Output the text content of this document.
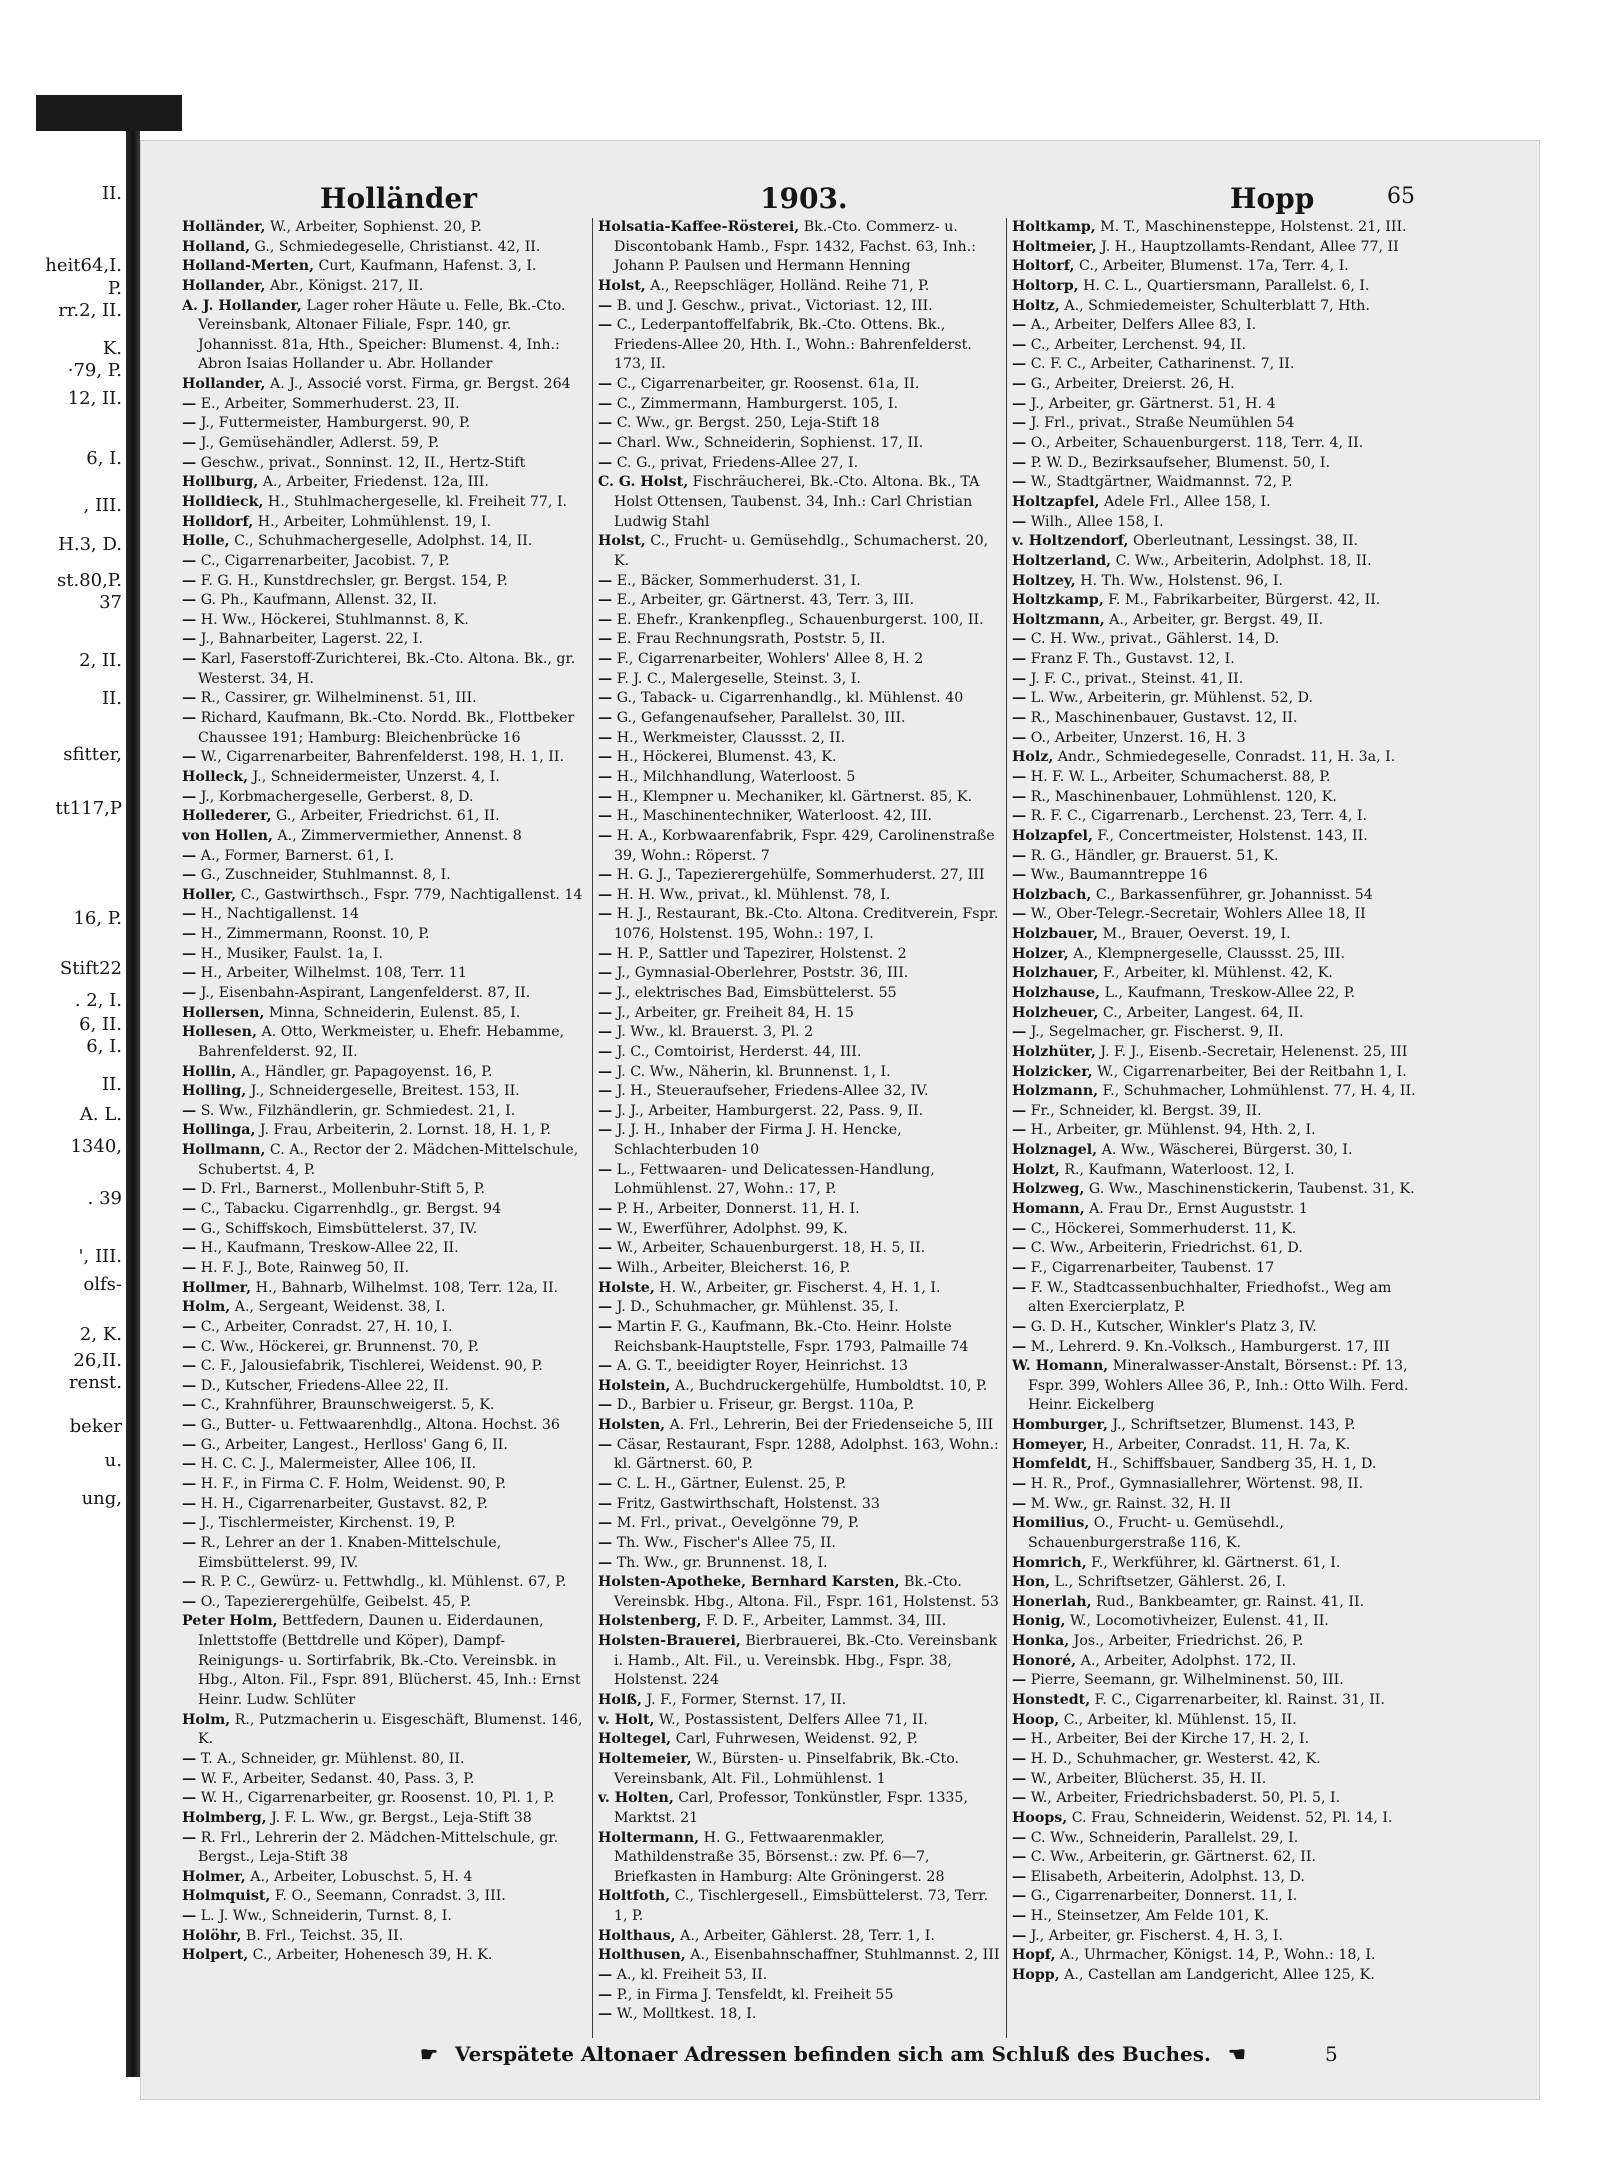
II.
heit64,I.
P.
rr.2, II.
K.
·79, P.
12, II.
6, I.
, III.
H.3, D.
st.80,P.
37
2, II.
II.
sfitter,
tt117,P
16, P.
Stift22
. 2, I.
6, II.
6, I.
II.
A. L.
1340,
. 39
', III.
olfs-
2, K.
26,II.
renst.
beker
u.
ung,
Holländer	1903.	Hopp	65

Holländer, W., Arbeiter, Sophienst. 20, P.

Holland, G., Schmiedegeselle, Christianst. 42, II.

Holland-Merten, Curt, Kaufmann, Hafenst. 3, I.

Hollander, Abr., Königst. 217, II.

A. J. Hollander, Lager roher Häute u. Felle, Bk.-Cto. Vereinsbank, Altonaer Filiale, Fspr. 140, gr. Johannisst. 81a, Hth., Speicher: Blumenst. 4, Inh.: Abron Isaias Hollander u. Abr. Hollander

Hollander, A. J., Associé vorst. Firma, gr. Bergst. 264

— E., Arbeiter, Sommerhuderst. 23, II.

— J., Futtermeister, Hamburgerst. 90, P.

— J., Gemüsehändler, Adlerst. 59, P.

— Geschw., privat., Sonninst. 12, II., Hertz-Stift

Hollburg, A., Arbeiter, Friedenst. 12a, III.

Holldieck, H., Stuhlmachergeselle, kl. Freiheit 77, I.

Holldorf, H., Arbeiter, Lohmühlenst. 19, I.

Holle, C., Schuhmachergeselle, Adolphst. 14, II.

— C., Cigarrenarbeiter, Jacobist. 7, P.

— F. G. H., Kunstdrechsler, gr. Bergst. 154, P.

— G. Ph., Kaufmann, Allenst. 32, II.

— H. Ww., Höckerei, Stuhlmannst. 8, K.

— J., Bahnarbeiter, Lagerst. 22, I.

— Karl, Faserstoff-Zurichterei, Bk.-Cto. Altona. Bk., gr. Westerst. 34, H.

— R., Cassirer, gr. Wilhelminenst. 51, III.

— Richard, Kaufmann, Bk.-Cto. Nordd. Bk., Flottbeker Chaussee 191; Hamburg: Bleichenbrücke 16

— W., Cigarrenarbeiter, Bahrenfelderst. 198, H. 1, II.

Holleck, J., Schneidermeister, Unzerst. 4, I.

— J., Korbmachergeselle, Gerberst. 8, D.

Hollederer, G., Arbeiter, Friedrichst. 61, II.

von Hollen, A., Zimmervermiether, Annenst. 8

— A., Former, Barnerst. 61, I.

— G., Zuschneider, Stuhlmannst. 8, I.

Holler, C., Gastwirthsch., Fspr. 779, Nachtigallenst. 14

— H., Nachtigallenst. 14

— H., Zimmermann, Roonst. 10, P.

— H., Musiker, Faulst. 1a, I.

— H., Arbeiter, Wilhelmst. 108, Terr. 11

— J., Eisenbahn-Aspirant, Langenfelderst. 87, II.

Hollersen, Minna, Schneiderin, Eulenst. 85, I.

Hollesen, A. Otto, Werkmeister, u. Ehefr. Hebamme, Bahrenfelderst. 92, II.

Hollin, A., Händler, gr. Papagoyenst. 16, P.

Holling, J., Schneidergeselle, Breitest. 153, II.

— S. Ww., Filzhändlerin, gr. Schmiedest. 21, I.

Hollinga, J. Frau, Arbeiterin, 2. Lornst. 18, H. 1, P.

Hollmann, C. A., Rector der 2. Mädchen-Mittelschule, Schubertst. 4, P.

— D. Frl., Barnerst., Mollenbuhr-Stift 5, P.

— C., Tabacku. Cigarrenhdlg., gr. Bergst. 94

— G., Schiffskoch, Eimsbüttelerst. 37, IV.

— H., Kaufmann, Treskow-Allee 22, II.

— H. F. J., Bote, Rainweg 50, II.

Hollmer, H., Bahnarb, Wilhelmst. 108, Terr. 12a, II.

Holm, A., Sergeant, Weidenst. 38, I.

— C., Arbeiter, Conradst. 27, H. 10, I.

— C. Ww., Höckerei, gr. Brunnenst. 70, P.

— C. F., Jalousiefabrik, Tischlerei, Weidenst. 90, P.

— D., Kutscher, Friedens-Allee 22, II.

— C., Krahnführer, Braunschweigerst. 5, K.

— G., Butter- u. Fettwaarenhdlg., Altona. Hochst. 36

— G., Arbeiter, Langest., Herlloss' Gang 6, II.

— H. C. C. J., Malermeister, Allee 106, II.

— H. F., in Firma C. F. Holm, Weidenst. 90, P.

— H. H., Cigarrenarbeiter, Gustavst. 82, P.

— J., Tischlermeister, Kirchenst. 19, P.

— R., Lehrer an der 1. Knaben-Mittelschule, Eimsbüttelerst. 99, IV.

— R. P. C., Gewürz- u. Fettwhdlg., kl. Mühlenst. 67, P.

— O., Tapezierergehülfe, Geibelst. 45, P.

Peter Holm, Bettfedern, Daunen u. Eiderdaunen, Inlettstoffe (Bettdrelle und Köper), Dampf-Reinigungs- u. Sortirfabrik, Bk.-Cto. Vereinsbk. in Hbg., Alton. Fil., Fspr. 891, Blücherst. 45, Inh.: Ernst Heinr. Ludw. Schlüter

Holm, R., Putzmacherin u. Eisgeschäft, Blumenst. 146, K.

— T. A., Schneider, gr. Mühlenst. 80, II.

— W. F., Arbeiter, Sedanst. 40, Pass. 3, P.

— W. H., Cigarrenarbeiter, gr. Roosenst. 10, Pl. 1, P.

Holmberg, J. F. L. Ww., gr. Bergst., Leja-Stift 38

— R. Frl., Lehrerin der 2. Mädchen-Mittelschule, gr. Bergst., Leja-Stift 38

Holmer, A., Arbeiter, Lobuschst. 5, H. 4

Holmquist, F. O., Seemann, Conradst. 3, III.

— L. J. Ww., Schneiderin, Turnst. 8, I.

Holöhr, B. Frl., Teichst. 35, II.

Holpert, C., Arbeiter, Hohenesch 39, H. K.

Holsatia-Kaffee-Rösterei, Bk.-Cto. Commerz- u. Discontobank Hamb., Fspr. 1432, Fachst. 63, Inh.: Johann P. Paulsen und Hermann Henning

Holst, A., Reepschläger, Holländ. Reihe 71, P.

— B. und J. Geschw., privat., Victoriast. 12, III.

— C., Lederpantoffelfabrik, Bk.-Cto. Ottens. Bk., Friedens-Allee 20, Hth. I., Wohn.: Bahrenfelderst. 173, II.

— C., Cigarrenarbeiter, gr. Roosenst. 61a, II.

— C., Zimmermann, Hamburgerst. 105, I.

— C. Ww., gr. Bergst. 250, Leja-Stift 18

— Charl. Ww., Schneiderin, Sophienst. 17, II.

— C. G., privat, Friedens-Allee 27, I.

C. G. Holst, Fischräucherei, Bk.-Cto. Altona. Bk., TA Holst Ottensen, Taubenst. 34, Inh.: Carl Christian Ludwig Stahl

Holst, C., Frucht- u. Gemüsehdlg., Schumacherst. 20, K.

— E., Bäcker, Sommerhuderst. 31, I.

— E., Arbeiter, gr. Gärtnerst. 43, Terr. 3, III.

— E. Ehefr., Krankenpfleg., Schauenburgerst. 100, II.

— E. Frau Rechnungsrath, Poststr. 5, II.

— F., Cigarrenarbeiter, Wohlers' Allee 8, H. 2

— F. J. C., Malergeselle, Steinst. 3, I.

— G., Taback- u. Cigarrenhandlg., kl. Mühlenst. 40

— G., Gefangenaufseher, Parallelst. 30, III.

— H., Werkmeister, Claussst. 2, II.

— H., Höckerei, Blumenst. 43, K.

— H., Milchhandlung, Waterloost. 5

— H., Klempner u. Mechaniker, kl. Gärtnerst. 85, K.

— H., Maschinentechniker, Waterloost. 42, III.

— H. A., Korbwaarenfabrik, Fspr. 429, Carolinenstraße 39, Wohn.: Röperst. 7

— H. G. J., Tapezierergehülfe, Sommerhuderst. 27, III

— H. H. Ww., privat., kl. Mühlenst. 78, I.

— H. J., Restaurant, Bk.-Cto. Altona. Creditverein, Fspr. 1076, Holstenst. 195, Wohn.: 197, I.

— H. P., Sattler und Tapezirer, Holstenst. 2

— J., Gymnasial-Oberlehrer, Poststr. 36, III.

— J., elektrisches Bad, Eimsbüttelerst. 55

— J., Arbeiter, gr. Freiheit 84, H. 15

— J. Ww., kl. Brauerst. 3, Pl. 2

— J. C., Comtoirist, Herderst. 44, III.

— J. C. Ww., Näherin, kl. Brunnenst. 1, I.

— J. H., Steueraufseher, Friedens-Allee 32, IV.

— J. J., Arbeiter, Hamburgerst. 22, Pass. 9, II.

— J. J. H., Inhaber der Firma J. H. Hencke, Schlachterbuden 10

— L., Fettwaaren- und Delicatessen-Handlung, Lohmühlenst. 27, Wohn.: 17, P.

— P. H., Arbeiter, Donnerst. 11, H. I.

— W., Ewerführer, Adolphst. 99, K.

— W., Arbeiter, Schauenburgerst. 18, H. 5, II.

— Wilh., Arbeiter, Bleicherst. 16, P.

Holste, H. W., Arbeiter, gr. Fischerst. 4, H. 1, I.

— J. D., Schuhmacher, gr. Mühlenst. 35, I.

— Martin F. G., Kaufmann, Bk.-Cto. Heinr. Holste Reichsbank-Hauptstelle, Fspr. 1793, Palmaille 74

— A. G. T., beeidigter Royer, Heinrichst. 13

Holstein, A., Buchdruckergehülfe, Humboldtst. 10, P.

— D., Barbier u. Friseur, gr. Bergst. 110a, P.

Holsten, A. Frl., Lehrerin, Bei der Friedenseiche 5, III

— Cäsar, Restaurant, Fspr. 1288, Adolphst. 163, Wohn.: kl. Gärtnerst. 60, P.

— C. L. H., Gärtner, Eulenst. 25, P.

— Fritz, Gastwirthschaft, Holstenst. 33

— M. Frl., privat., Oevelgönne 79, P.

— Th. Ww., Fischer's Allee 75, II.

— Th. Ww., gr. Brunnenst. 18, I.

Holsten-Apotheke, Bernhard Karsten, Bk.-Cto. Vereinsbk. Hbg., Altona. Fil., Fspr. 161, Holstenst. 53

Holstenberg, F. D. F., Arbeiter, Lammst. 34, III.

Holsten-Brauerei, Bierbrauerei, Bk.-Cto. Vereinsbank i. Hamb., Alt. Fil., u. Vereinsbk. Hbg., Fspr. 38, Holstenst. 224

Holß, J. F., Former, Sternst. 17, II.

v. Holt, W., Postassistent, Delfers Allee 71, II.

Holtegel, Carl, Fuhrwesen, Weidenst. 92, P.

Holtemeier, W., Bürsten- u. Pinselfabrik, Bk.-Cto. Vereinsbank, Alt. Fil., Lohmühlenst. 1

v. Holten, Carl, Professor, Tonkünstler, Fspr. 1335, Marktst. 21

Holtermann, H. G., Fettwaarenmakler, Mathildenstraße 35, Börsenst.: zw. Pf. 6—7, Briefkasten in Hamburg: Alte Gröningerst. 28

Holtfoth, C., Tischlergesell., Eimsbüttelerst. 73, Terr. 1, P.

Holthaus, A., Arbeiter, Gählerst. 28, Terr. 1, I.

Holthusen, A., Eisenbahnschaffner, Stuhlmannst. 2, III

— A., kl. Freiheit 53, II.

— P., in Firma J. Tensfeldt, kl. Freiheit 55

— W., Molltkest. 18, I.

Holtkamp, M. T., Maschinensteppe, Holstenst. 21, III.

Holtmeier, J. H., Hauptzollamts-Rendant, Allee 77, II

Holtorf, C., Arbeiter, Blumenst. 17a, Terr. 4, I.

Holtorp, H. C. L., Quartiersmann, Parallelst. 6, I.

Holtz, A., Schmiedemeister, Schulterblatt 7, Hth.

— A., Arbeiter, Delfers Allee 83, I.

— C., Arbeiter, Lerchenst. 94, II.

— C. F. C., Arbeiter, Catharinenst. 7, II.

— G., Arbeiter, Dreierst. 26, H.

— J., Arbeiter, gr. Gärtnerst. 51, H. 4

— J. Frl., privat., Straße Neumühlen 54

— O., Arbeiter, Schauenburgerst. 118, Terr. 4, II.

— P. W. D., Bezirksaufseher, Blumenst. 50, I.

— W., Stadtgärtner, Waidmannst. 72, P.

Holtzapfel, Adele Frl., Allee 158, I.

— Wilh., Allee 158, I.

v. Holtzendorf, Oberleutnant, Lessingst. 38, II.

Holtzerland, C. Ww., Arbeiterin, Adolphst. 18, II.

Holtzey, H. Th. Ww., Holstenst. 96, I.

Holtzkamp, F. M., Fabrikarbeiter, Bürgerst. 42, II.

Holtzmann, A., Arbeiter, gr. Bergst. 49, II.

— C. H. Ww., privat., Gählerst. 14, D.

— Franz F. Th., Gustavst. 12, I.

— J. F. C., privat., Steinst. 41, II.

— L. Ww., Arbeiterin, gr. Mühlenst. 52, D.

— R., Maschinenbauer, Gustavst. 12, II.

— O., Arbeiter, Unzerst. 16, H. 3

Holz, Andr., Schmiedegeselle, Conradst. 11, H. 3a, I.

— H. F. W. L., Arbeiter, Schumacherst. 88, P.

— R., Maschinenbauer, Lohmühlenst. 120, K.

— R. F. C., Cigarrenarb., Lerchenst. 23, Terr. 4, I.

Holzapfel, F., Concertmeister, Holstenst. 143, II.

— R. G., Händler, gr. Brauerst. 51, K.

— Ww., Baumanntreppe 16

Holzbach, C., Barkassenführer, gr. Johannisst. 54

— W., Ober-Telegr.-Secretair, Wohlers Allee 18, II

Holzbauer, M., Brauer, Oeverst. 19, I.

Holzer, A., Klempnergeselle, Claussst. 25, III.

Holzhauer, F., Arbeiter, kl. Mühlenst. 42, K.

Holzhause, L., Kaufmann, Treskow-Allee 22, P.

Holzheuer, C., Arbeiter, Langest. 64, II.

— J., Segelmacher, gr. Fischerst. 9, II.

Holzhüter, J. F. J., Eisenb.-Secretair, Helenenst. 25, III

Holzicker, W., Cigarrenarbeiter, Bei der Reitbahn 1, I.

Holzmann, F., Schuhmacher, Lohmühlenst. 77, H. 4, II.

— Fr., Schneider, kl. Bergst. 39, II.

— H., Arbeiter, gr. Mühlenst. 94, Hth. 2, I.

Holznagel, A. Ww., Wäscherei, Bürgerst. 30, I.

Holzt, R., Kaufmann, Waterloost. 12, I.

Holzweg, G. Ww., Maschinenstickerin, Taubenst. 31, K.

Homann, A. Frau Dr., Ernst Auguststr. 1

— C., Höckerei, Sommerhuderst. 11, K.

— C. Ww., Arbeiterin, Friedrichst. 61, D.

— F., Cigarrenarbeiter, Taubenst. 17

— F. W., Stadtcassenbuchhalter, Friedhofst., Weg am alten Exercierplatz, P.

— G. D. H., Kutscher, Winkler's Platz 3, IV.

— M., Lehrerd. 9. Kn.-Volksch., Hamburgerst. 17, III

W. Homann, Mineralwasser-Anstalt, Börsenst.: Pf. 13, Fspr. 399, Wohlers Allee 36, P., Inh.: Otto Wilh. Ferd. Heinr. Eickelberg

Homburger, J., Schriftsetzer, Blumenst. 143, P.

Homeyer, H., Arbeiter, Conradst. 11, H. 7a, K.

Homfeldt, H., Schiffsbauer, Sandberg 35, H. 1, D.

— H. R., Prof., Gymnasiallehrer, Wörtenst. 98, II.

— M. Ww., gr. Rainst. 32, H. II

Homilius, O., Frucht- u. Gemüsehdl., Schauenburgerstraße 116, K.

Homrich, F., Werkführer, kl. Gärtnerst. 61, I.

Hon, L., Schriftsetzer, Gählerst. 26, I.

Honerlah, Rud., Bankbeamter, gr. Rainst. 41, II.

Honig, W., Locomotivheizer, Eulenst. 41, II.

Honka, Jos., Arbeiter, Friedrichst. 26, P.

Honoré, A., Arbeiter, Adolphst. 172, II.

— Pierre, Seemann, gr. Wilhelminenst. 50, III.

Honstedt, F. C., Cigarrenarbeiter, kl. Rainst. 31, II.

Hoop, C., Arbeiter, kl. Mühlenst. 15, II.

— H., Arbeiter, Bei der Kirche 17, H. 2, I.

— H. D., Schuhmacher, gr. Westerst. 42, K.

— W., Arbeiter, Blücherst. 35, H. II.

— W., Arbeiter, Friedrichsbaderst. 50, Pl. 5, I.

Hoops, C. Frau, Schneiderin, Weidenst. 52, Pl. 14, I.

— C. Ww., Schneiderin, Parallelst. 29, I.

— C. Ww., Arbeiterin, gr. Gärtnerst. 62, II.

— Elisabeth, Arbeiterin, Adolphst. 13, D.

— G., Cigarrenarbeiter, Donnerst. 11, I.

— H., Steinsetzer, Am Felde 101, K.

— J., Arbeiter, gr. Fischerst. 4, H. 3, I.

Hopf, A., Uhrmacher, Königst. 14, P., Wohn.: 18, I.

Hopp, A., Castellan am Landgericht, Allee 125, K.

☛ Verspätete Altonaer Adressen befinden sich am Schluß des Buches. ☚	5
